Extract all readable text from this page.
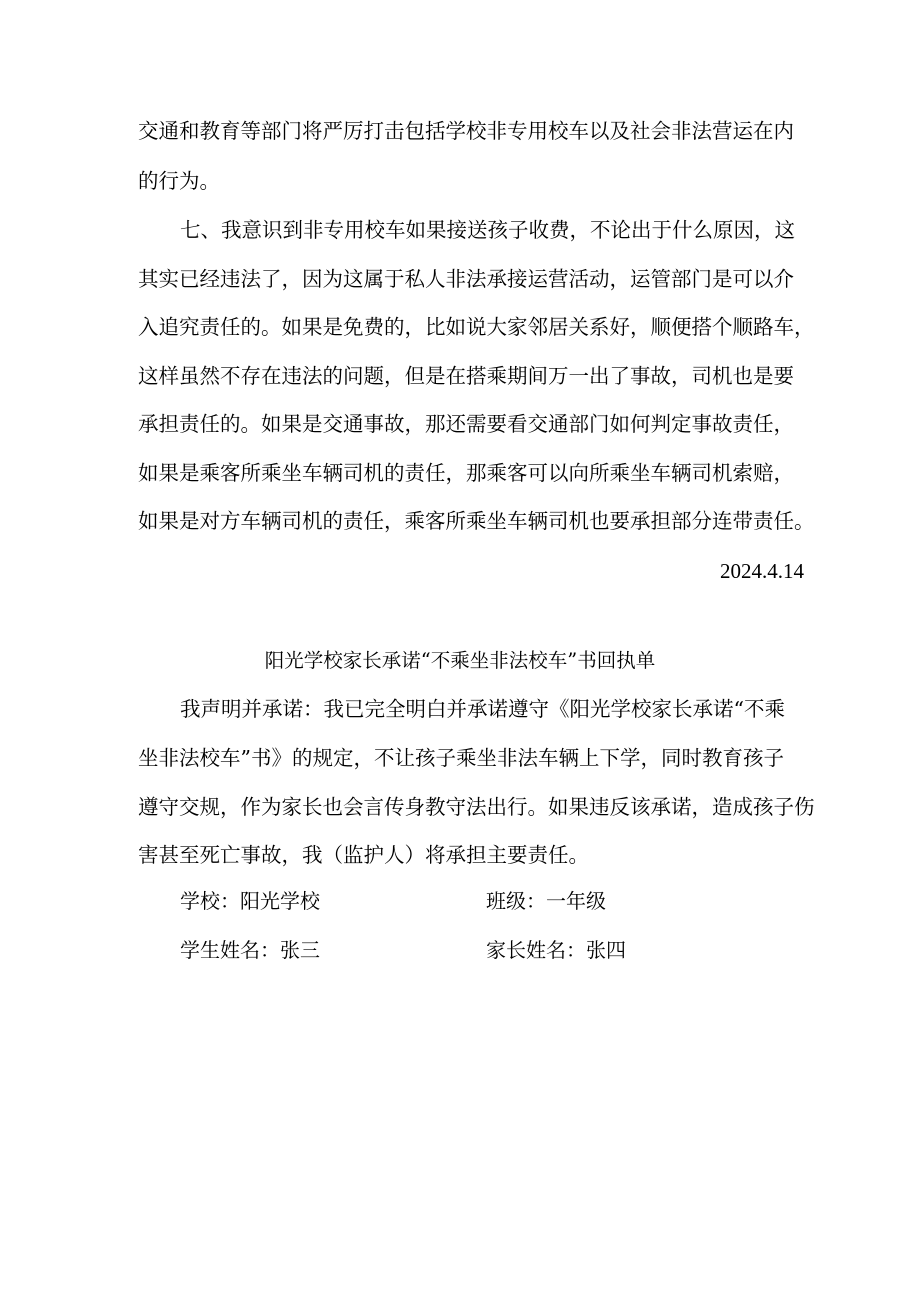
交通和教育等部门将严厉打击包括学校非专用校车以及社会非法营运在内
的行为。
七、我意识到非专用校车如果接送孩子收费，不论出于什么原因，这
其实已经违法了，因为这属于私人非法承接运营活动，运管部门是可以介
入追究责任的。如果是免费的，比如说大家邻居关系好，顺便搭个顺路车，
这样虽然不存在违法的问题，但是在搭乘期间万一出了事故，司机也是要
承担责任的。如果是交通事故，那还需要看交通部门如何判定事故责任，
如果是乘客所乘坐车辆司机的责任，那乘客可以向所乘坐车辆司机索赔，
如果是对方车辆司机的责任，乘客所乘坐车辆司机也要承担部分连带责任。
2024.4.14
阳光学校家长承诺“不乘坐非法校车”书回执单
我声明并承诺：我已完全明白并承诺遵守《阳光学校家长承诺“不乘
坐非法校车”书》的规定，不让孩子乘坐非法车辆上下学，同时教育孩子
遵守交规，作为家长也会言传身教守法出行。如果违反该承诺，造成孩子伤
害甚至死亡事故，我（监护人）将承担主要责任。
学校：阳光学校	班级：一年级
学生姓名：张三	家长姓名：张四
